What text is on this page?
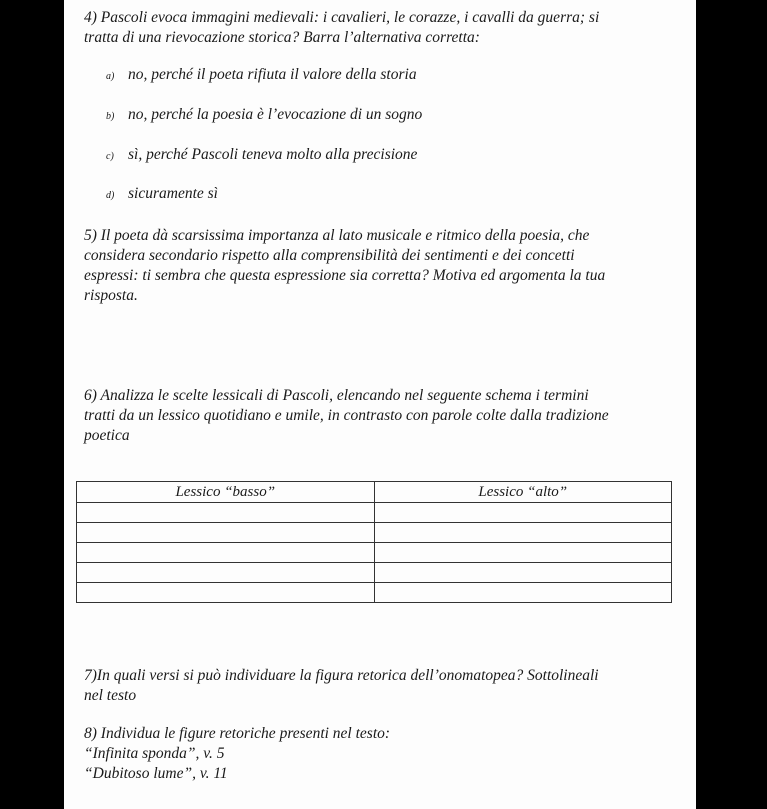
4) Pascoli evoca immagini medievali: i cavalieri, le corazze, i cavalli da guerra; si
tratta di una rievocazione storica? Barra l’alternativa corretta:
a) no, perché il poeta rifiuta il valore della storia
b) no, perché la poesia è l’evocazione di un sogno
c) sì, perché Pascoli teneva molto alla precisione
d) sicuramente sì
5) Il poeta dà scarsissima importanza al lato musicale e ritmico della poesia, che
considera secondario rispetto alla comprensibilità dei sentimenti e dei concetti
espressi: ti sembra che questa espressione sia corretta? Motiva ed argomenta la tua
risposta.
6) Analizza le scelte lessicali di Pascoli, elencando nel seguente schema i termini
tratti da un lessico quotidiano e umile, in contrasto con parole colte dalla tradizione
poetica
Lessico “basso”	Lessico “alto”

7)In quali versi si può individuare la figura retorica dell’onomatopea? Sottolineali
nel testo
8) Individua le figure retoriche presenti nel testo:
“Infinita sponda”, v. 5
“Dubitoso lume”, v. 11
